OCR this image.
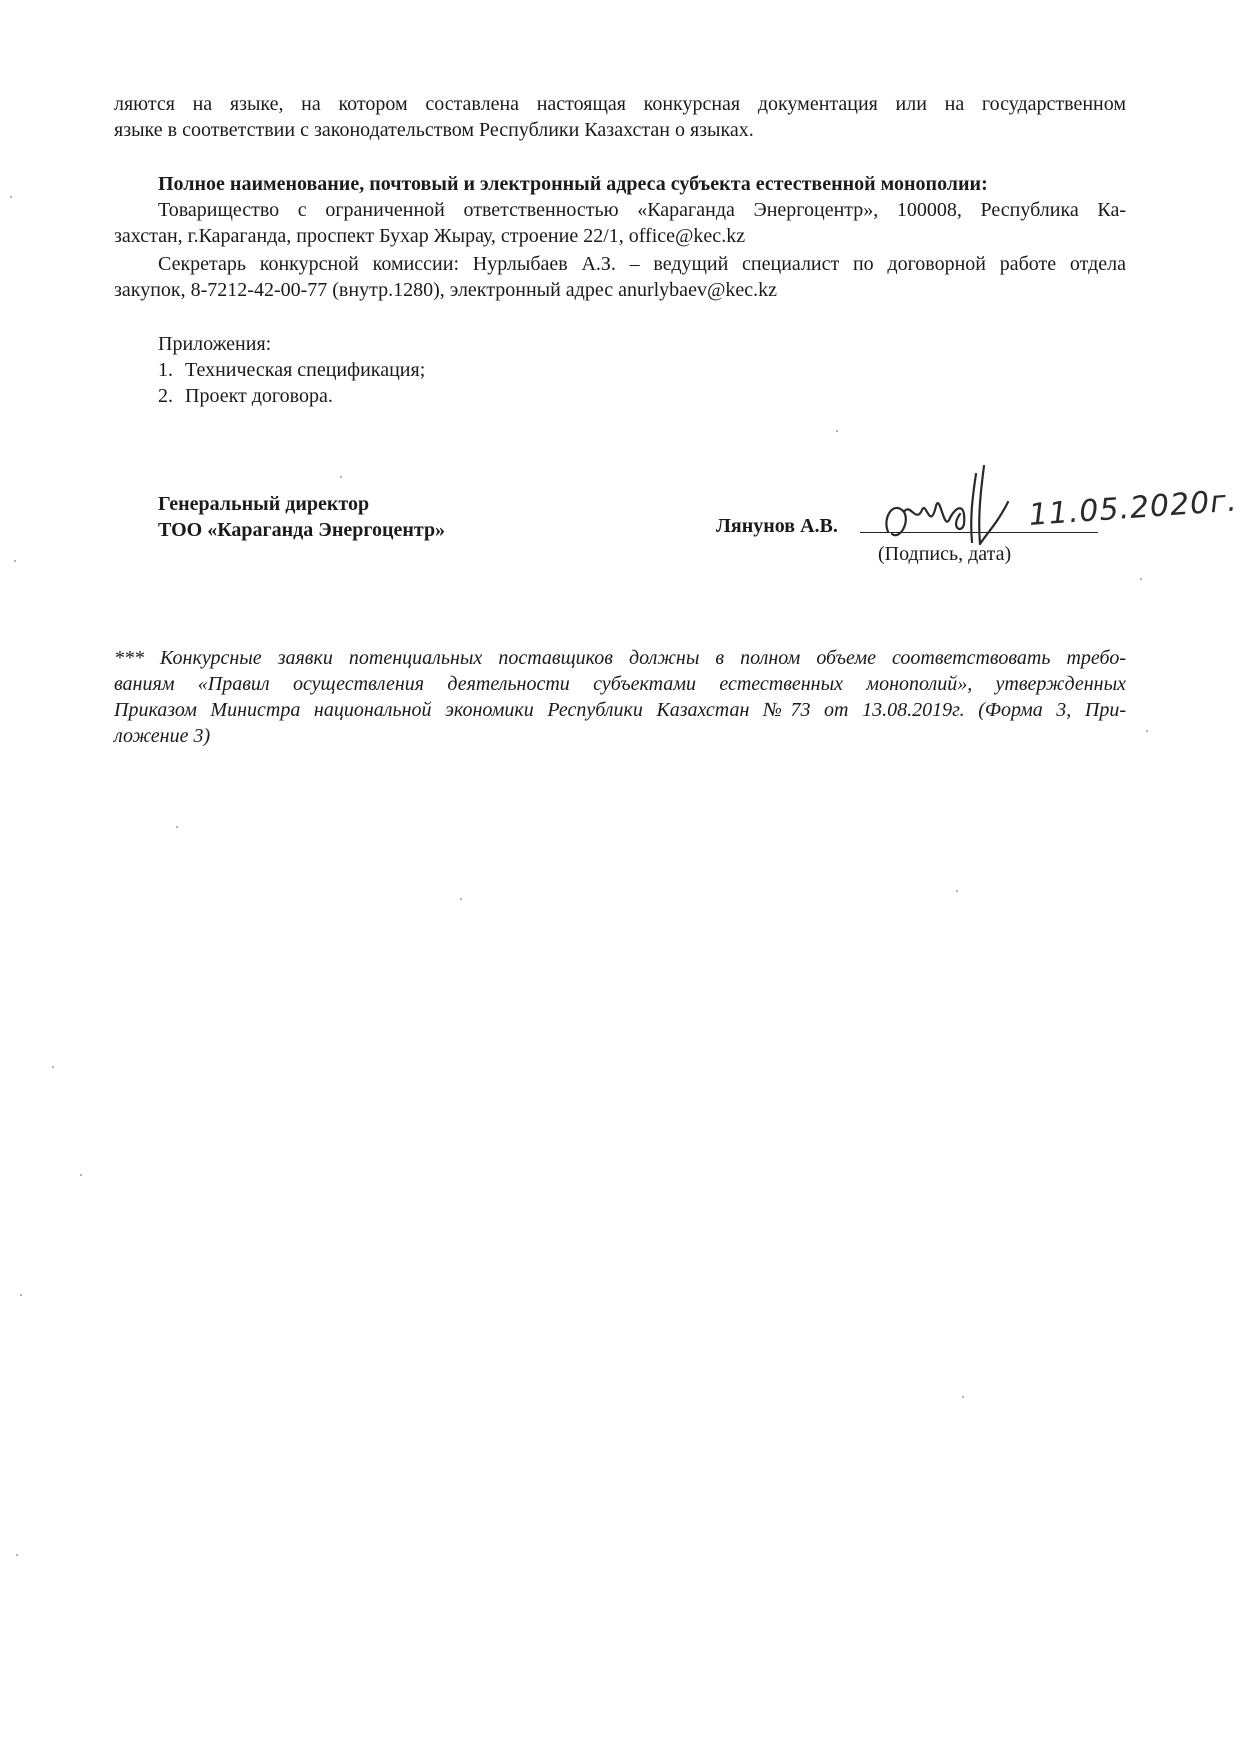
ляются на языке, на котором составлена настоящая конкурсная документация или на государственном
языке в соответствии с законодательством Республики Казахстан о языках.
Полное наименование, почтовый и электронный адреса субъекта естественной монополии:
Товарищество с ограниченной ответственностью «Караганда Энергоцентр», 100008, Республика Ка-
захстан, г.Караганда, проспект Бухар Жырау, строение 22/1, office@kec.kz
Секретарь конкурсной комиссии: Нурлыбаев А.З. – ведущий специалист по договорной работе отдела
закупок, 8-7212-42-00-77 (внутр.1280), электронный адрес anurlybaev@kec.kz
Приложения:
1. Техническая спецификация;
2. Проект договора.
Генеральный директор
ТОО «Караганда Энергоцентр»	Лянунов А.В.	11.05.2020г.
(Подпись, дата)
*** Конкурсные заявки потенциальных поставщиков должны в полном объеме соответствовать требо-
ваниям «Правил осуществления деятельности субъектами естественных монополий», утвержденных
Приказом Министра национальной экономики Республики Казахстан №73 от 13.08.2019г. (Форма 3, При-
ложение 3)
